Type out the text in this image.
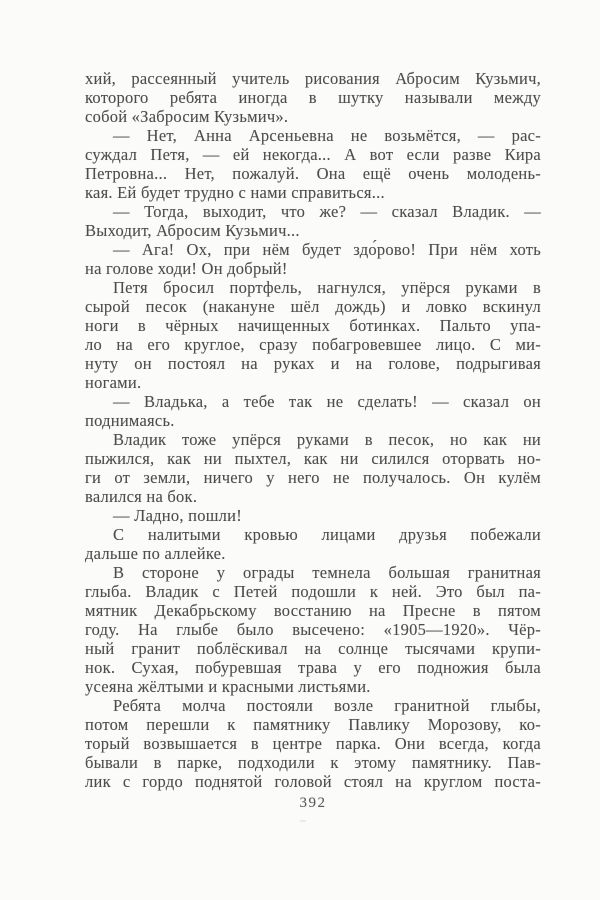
хий, рассеянный учитель рисования Абросим Кузьмич,
которого ребята иногда в шутку называли между
собой «Забросим Кузьмич».
— Нет, Анна Арсеньевна не возьмётся, — рас-
суждал Петя, — ей некогда... А вот если разве Кира
Петровна... Нет, пожалуй. Она ещё очень молодень-
кая. Ей будет трудно с нами справиться...
— Тогда, выходит, что же? — сказал Владик. —
Выходит, Абросим Кузьмич...
— Ага! Ох, при нём будет здо́рово! При нём хоть
на голове ходи! Он добрый!
Петя бросил портфель, нагнулся, упёрся руками в
сырой песок (накануне шёл дождь) и ловко вскинул
ноги в чёрных начищенных ботинках. Пальто упа-
ло на его круглое, сразу побагровевшее лицо. С ми-
нуту он постоял на руках и на голове, подрыгивая
ногами.
— Владька, а тебе так не сделать! — сказал он
поднимаясь.
Владик тоже упёрся руками в песок, но как ни
пыжился, как ни пыхтел, как ни силился оторвать но-
ги от земли, ничего у него не получалось. Он кулём
валился на бок.
— Ладно, пошли!
С налитыми кровью лицами друзья побежали
дальше по аллейке.
В стороне у ограды темнела большая гранитная
глыба. Владик с Петей подошли к ней. Это был па-
мятник Декабрьскому восстанию на Пресне в пятом
году. На глыбе было высечено: «1905—1920». Чёр-
ный гранит поблёскивал на солнце тысячами крупи-
нок. Сухая, побуревшая трава у его подножия была
усеяна жёлтыми и красными листьями.
Ребята молча постояли возле гранитной глыбы,
потом перешли к памятнику Павлику Морозову, ко-
торый возвышается в центре парка. Они всегда, когда
бывали в парке, подходили к этому памятнику. Пав-
лик с гордо поднятой головой стоял на круглом поста-
392
